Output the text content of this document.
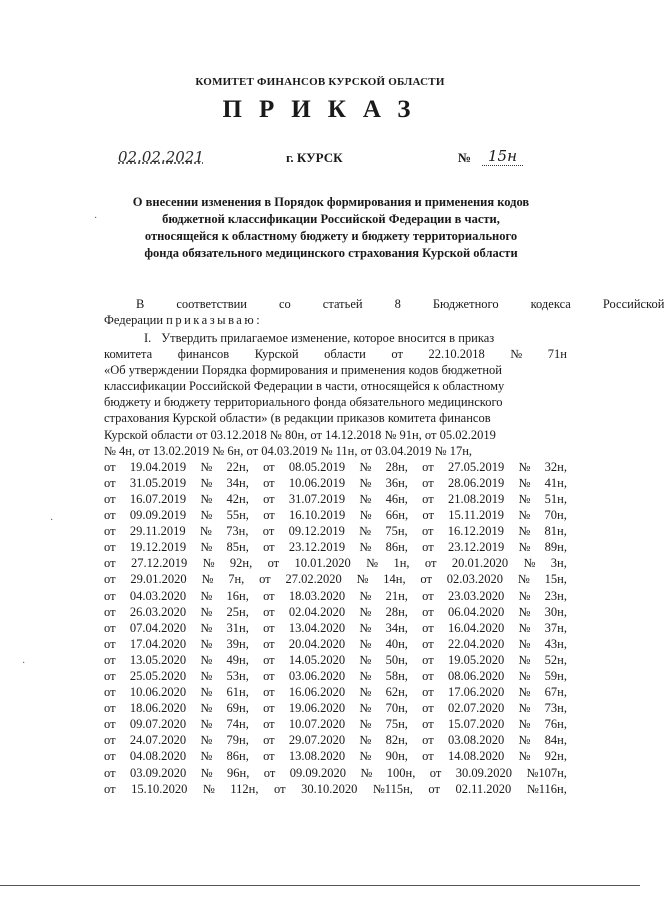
КОМИТЕТ ФИНАНСОВ КУРСКОЙ ОБЛАСТИ
ПРИКАЗ
02.02.2021	г. КУРСК	№	15н
О внесении изменения в Порядок формирования и применения кодов
бюджетной классификации Российской Федерации в части,
относящейся к областному бюджету и бюджету территориального
фонда обязательного медицинского страхования Курской области
В	соответствии	со	статьей	8	Бюджетного	кодекса	Российской
Федерации приказываю:
I. Утвердить прилагаемое изменение, которое вносится в приказ
комитета финансов Курской области от 22.10.2018 № 71н
«Об утверждении Порядка формирования и применения кодов бюджетной
классификации Российской Федерации в части, относящейся к областному
бюджету и бюджету территориального фонда обязательного медицинского
страхования Курской области» (в редакции приказов комитета финансов
Курской области от 03.12.2018 № 80н, от 14.12.2018 № 91н, от 05.02.2019
№ 4н, от 13.02.2019 № 6н, от 04.03.2019 № 11н, от 03.04.2019 № 17н,
от 19.04.2019 № 22н, от 08.05.2019 № 28н, от 27.05.2019 № 32н,
от 31.05.2019 № 34н, от 10.06.2019 № 36н, от 28.06.2019 № 41н,
от 16.07.2019 № 42н, от 31.07.2019 № 46н, от 21.08.2019 № 51н,
от 09.09.2019 № 55н, от 16.10.2019 № 66н, от 15.11.2019 № 70н,
от 29.11.2019 № 73н, от 09.12.2019 № 75н, от 16.12.2019 № 81н,
от 19.12.2019 № 85н, от 23.12.2019 № 86н, от 23.12.2019 № 89н,
от 27.12.2019 № 92н, от 10.01.2020 № 1н, от 20.01.2020 № 3н,
от 29.01.2020 № 7н, от 27.02.2020 № 14н, от 02.03.2020 № 15н,
от 04.03.2020 № 16н, от 18.03.2020 № 21н, от 23.03.2020 № 23н,
от 26.03.2020 № 25н, от 02.04.2020 № 28н, от 06.04.2020 № 30н,
от 07.04.2020 № 31н, от 13.04.2020 № 34н, от 16.04.2020 № 37н,
от 17.04.2020 № 39н, от 20.04.2020 № 40н, от 22.04.2020 № 43н,
от 13.05.2020 № 49н, от 14.05.2020 № 50н, от 19.05.2020 № 52н,
от 25.05.2020 № 53н, от 03.06.2020 № 58н, от 08.06.2020 № 59н,
от 10.06.2020 № 61н, от 16.06.2020 № 62н, от 17.06.2020 № 67н,
от 18.06.2020 № 69н, от 19.06.2020 № 70н, от 02.07.2020 № 73н,
от 09.07.2020 № 74н, от 10.07.2020 № 75н, от 15.07.2020 № 76н,
от 24.07.2020 № 79н, от 29.07.2020 № 82н, от 03.08.2020 № 84н,
от 04.08.2020 № 86н, от 13.08.2020 № 90н, от 14.08.2020 № 92н,
от 03.09.2020 № 96н, от 09.09.2020 № 100н, от 30.09.2020 №107н,
от 15.10.2020 № 112н, от 30.10.2020 №115н, от 02.11.2020 №116н,
·
·
·
